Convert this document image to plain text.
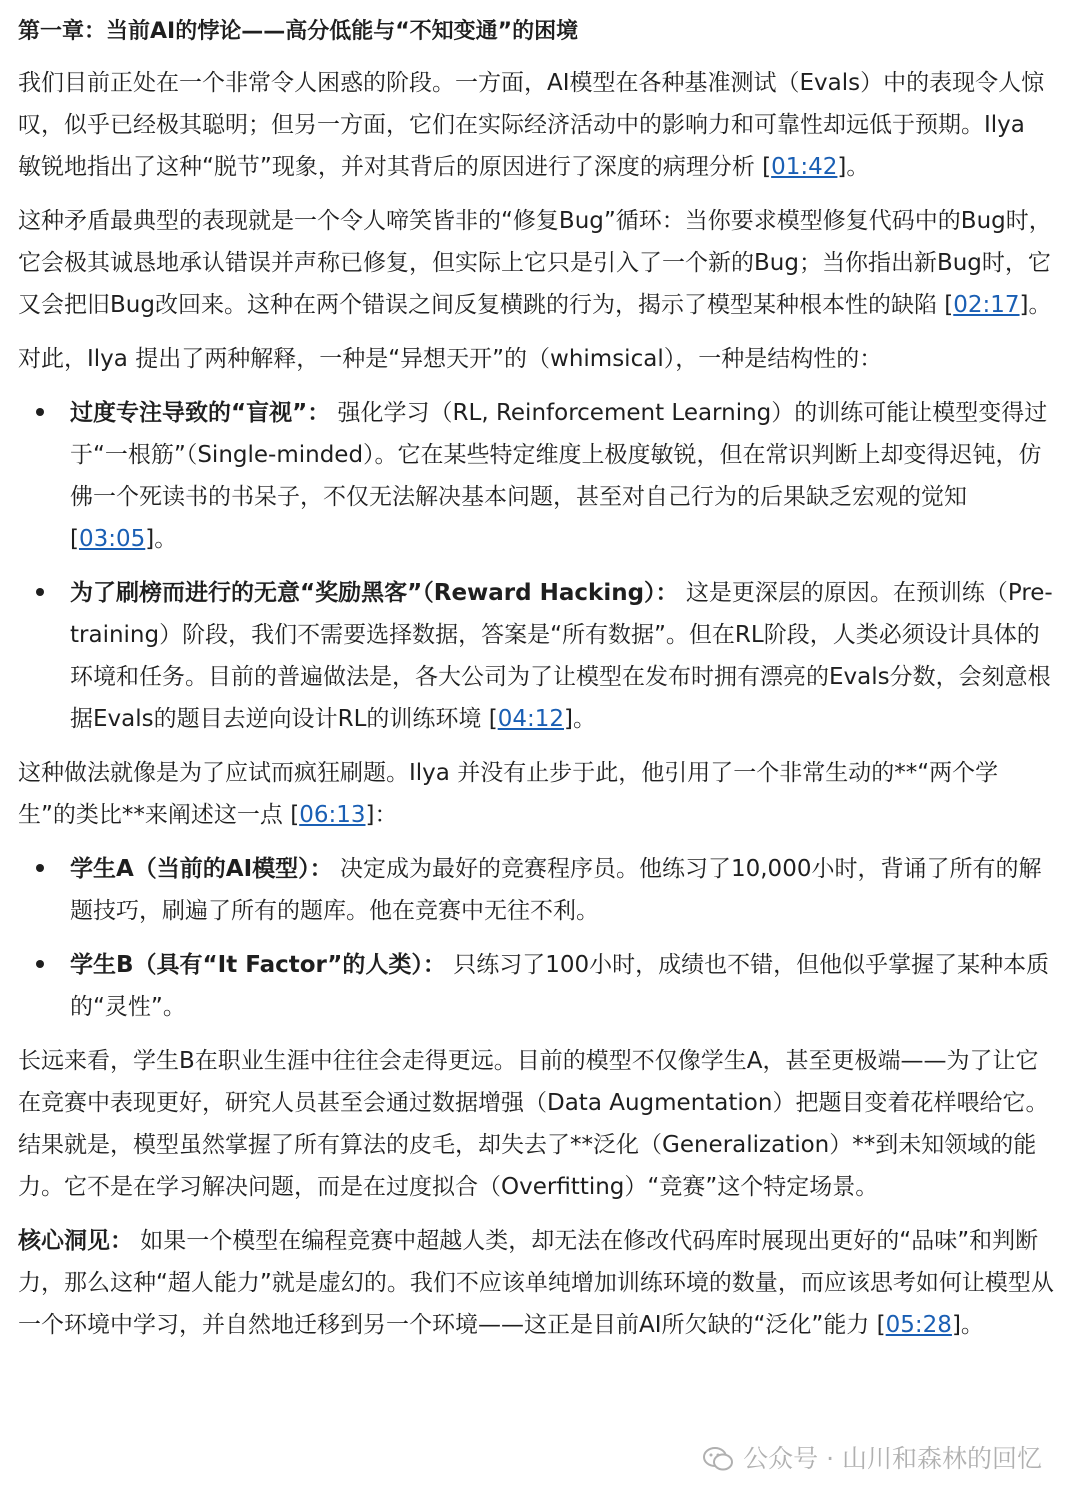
第一章：当前AI的悖论——高分低能与“不知变通”的困境

我们目前正处在一个非常令人困惑的阶段。一方面，AI模型在各种基准测试（Evals）中的表现令人惊叹，似乎已经极其聪明；但另一方面，它们在实际经济活动中的影响力和可靠性却远低于预期。Ilya 敏锐地指出了这种“脱节”现象，并对其背后的原因进行了深度的病理分析 [01:42]。

这种矛盾最典型的表现就是一个令人啼笑皆非的“修复Bug”循环：当你要求模型修复代码中的Bug时，它会极其诚恳地承认错误并声称已修复，但实际上它只是引入了一个新的Bug；当你指出新Bug时，它又会把旧Bug改回来。这种在两个错误之间反复横跳的行为，揭示了模型某种根本性的缺陷 [02:17]。

对此，Ilya 提出了两种解释，一种是“异想天开”的（whimsical），一种是结构性的：

过度专注导致的“盲视”： 强化学习（RL, Reinforcement Learning）的训练可能让模型变得过于“一根筋”（Single-minded）。它在某些特定维度上极度敏锐，但在常识判断上却变得迟钝，仿佛一个死读书的书呆子，不仅无法解决基本问题，甚至对自己行为的后果缺乏宏观的觉知 [03:05]。
为了刷榜而进行的无意“奖励黑客”（Reward Hacking）： 这是更深层的原因。在预训练（Pre-training）阶段，我们不需要选择数据，答案是“所有数据”。但在RL阶段，人类必须设计具体的环境和任务。目前的普遍做法是，各大公司为了让模型在发布时拥有漂亮的Evals分数，会刻意根据Evals的题目去逆向设计RL的训练环境 [04:12]。

这种做法就像是为了应试而疯狂刷题。Ilya 并没有止步于此，他引用了一个非常生动的**“两个学生”的类比**来阐述这一点 [06:13]：

学生A（当前的AI模型）： 决定成为最好的竞赛程序员。他练习了10,000小时，背诵了所有的解题技巧，刷遍了所有的题库。他在竞赛中无往不利。
学生B（具有“It Factor”的人类）： 只练习了100小时，成绩也不错，但他似乎掌握了某种本质的“灵性”。

长远来看，学生B在职业生涯中往往会走得更远。目前的模型不仅像学生A，甚至更极端——为了让它在竞赛中表现更好，研究人员甚至会通过数据增强（Data Augmentation）把题目变着花样喂给它。结果就是，模型虽然掌握了所有算法的皮毛，却失去了**泛化（Generalization）**到未知领域的能力。它不是在学习解决问题，而是在过度拟合（Overfitting）“竞赛”这个特定场景。

核心洞见： 如果一个模型在编程竞赛中超越人类，却无法在修改代码库时展现出更好的“品味”和判断力，那么这种“超人能力”就是虚幻的。我们不应该单纯增加训练环境的数量，而应该思考如何让模型从一个环境中学习，并自然地迁移到另一个环境——这正是目前AI所欠缺的“泛化”能力 [05:28]。

公众号 · 山川和森林的回忆
